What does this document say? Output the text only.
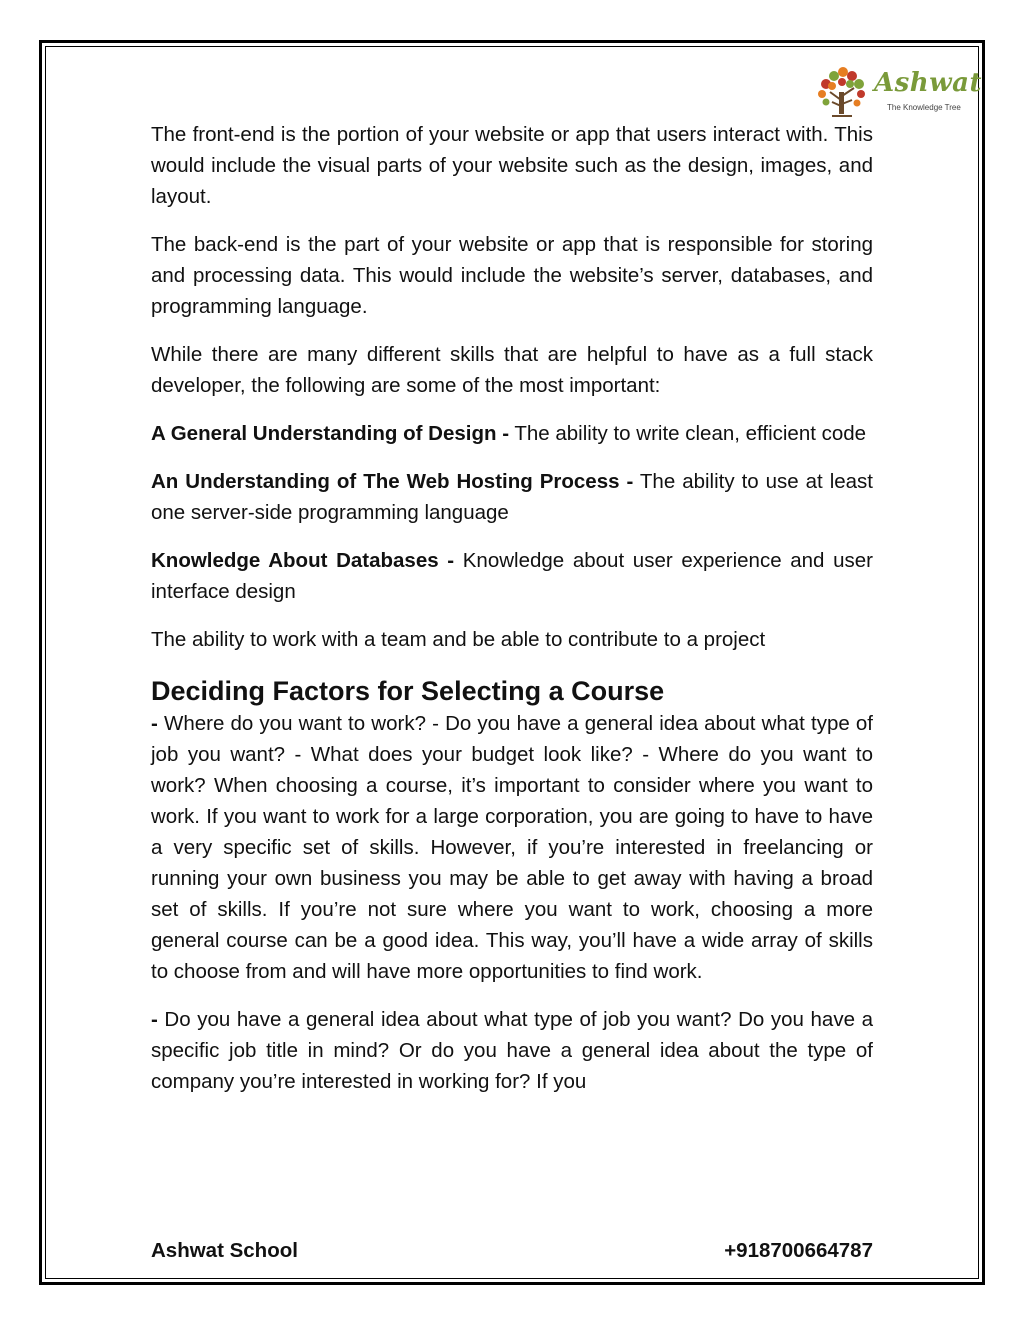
Ashwat
The Knowledge Tree

The front-end is the portion of your website or app that users interact with. This would include the visual parts of your website such as the design, images, and layout.

The back-end is the part of your website or app that is responsible for storing and processing data. This would include the website’s server, databases, and programming language.

While there are many different skills that are helpful to have as a full stack developer, the following are some of the most important:

A General Understanding of Design - The ability to write clean, efficient code

An Understanding of The Web Hosting Process - The ability to use at least one server-side programming language

Knowledge About Databases - Knowledge about user experience and user interface design

The ability to work with a team and be able to contribute to a project

Deciding Factors for Selecting a Course

- Where do you want to work? - Do you have a general idea about what type of job you want? - What does your budget look like? - Where do you want to work? When choosing a course, it’s important to consider where you want to work. If you want to work for a large corporation, you are going to have to have a very specific set of skills. However, if you’re interested in freelancing or running your own business you may be able to get away with having a broad set of skills. If you’re not sure where you want to work, choosing a more general course can be a good idea. This way, you’ll have a wide array of skills to choose from and will have more opportunities to find work.

- Do you have a general idea about what type of job you want? Do you have a specific job title in mind? Or do you have a general idea about the type of company you’re interested in working for? If you

Ashwat School	+918700664787
